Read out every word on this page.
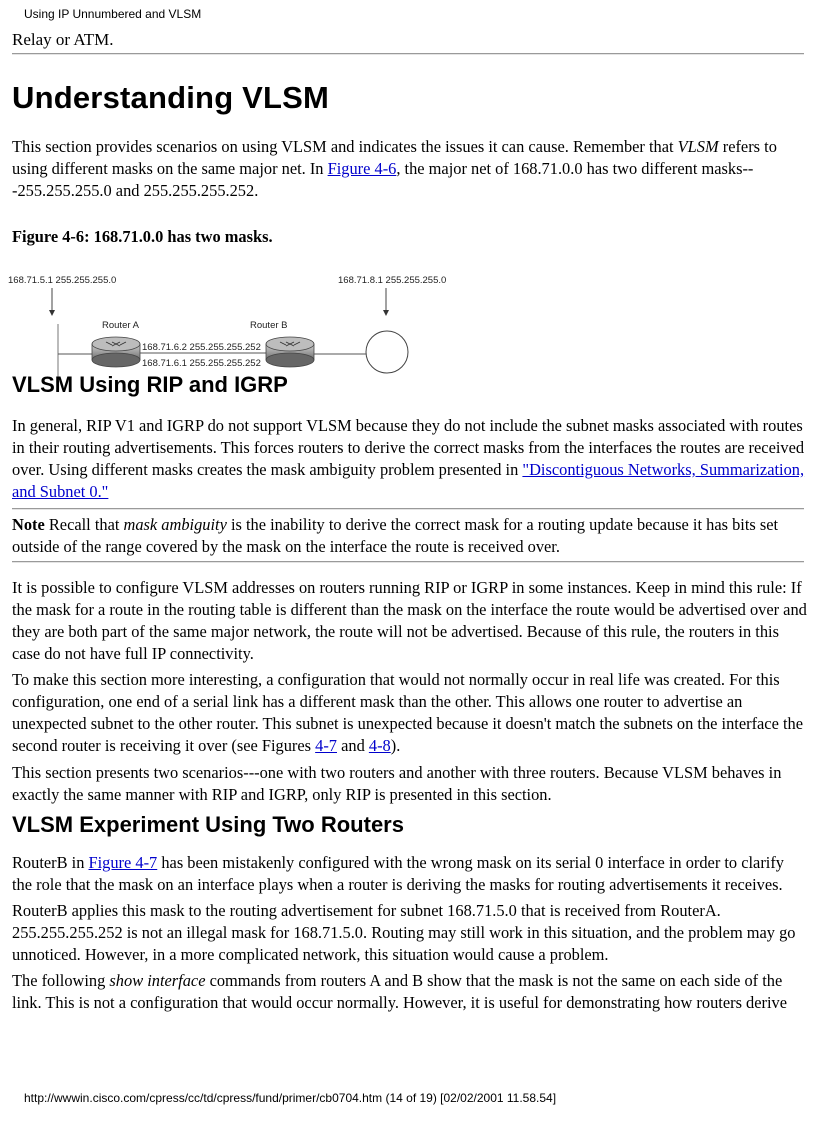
Using IP Unnumbered and VLSM
Relay or ATM.
Understanding VLSM

This section provides scenarios on using VLSM and indicates the issues it can cause. Remember that VLSM refers to using different masks on the same major net. In Figure 4-6, the major net of 168.71.0.0 has two different masks---255.255.255.0 and 255.255.255.252.

Figure 4-6: 168.71.0.0 has two masks.
168.71.5.1 255.255.255.0	168.71.8.1 255.255.255.0
Router A	Router B
168.71.6.2 255.255.255.252
168.71.6.1 255.255.255.252
VLSM Using RIP and IGRP

In general, RIP V1 and IGRP do not support VLSM because they do not include the subnet masks associated with routes in their routing advertisements. This forces routers to derive the correct masks from the interfaces the routes are received over. Using different masks creates the mask ambiguity problem presented in "Discontiguous Networks, Summarization, and Subnet 0."

Note Recall that mask ambiguity is the inability to derive the correct mask for a routing update because it has bits set outside of the range covered by the mask on the interface the route is received over.

It is possible to configure VLSM addresses on routers running RIP or IGRP in some instances. Keep in mind this rule: If the mask for a route in the routing table is different than the mask on the interface the route would be advertised over and they are both part of the same major network, the route will not be advertised. Because of this rule, the routers in this case do not have full IP connectivity.

To make this section more interesting, a configuration that would not normally occur in real life was created. For this configuration, one end of a serial link has a different mask than the other. This allows one router to advertise an unexpected subnet to the other router. This subnet is unexpected because it doesn't match the subnets on the interface the second router is receiving it over (see Figures 4-7 and 4-8).

This section presents two scenarios---one with two routers and another with three routers. Because VLSM behaves in exactly the same manner with RIP and IGRP, only RIP is presented in this section.

VLSM Experiment Using Two Routers

RouterB in Figure 4-7 has been mistakenly configured with the wrong mask on its serial 0 interface in order to clarify the role that the mask on an interface plays when a router is deriving the masks for routing advertisements it receives.

RouterB applies this mask to the routing advertisement for subnet 168.71.5.0 that is received from RouterA. 255.255.255.252 is not an illegal mask for 168.71.5.0. Routing may still work in this situation, and the problem may go unnoticed. However, in a more complicated network, this situation would cause a problem.

The following show interface commands from routers A and B show that the mask is not the same on each side of the link. This is not a configuration that would occur normally. However, it is useful for demonstrating how routers derive

http://wwwin.cisco.com/cpress/cc/td/cpress/fund/primer/cb0704.htm (14 of 19) [02/02/2001 11.58.54]
